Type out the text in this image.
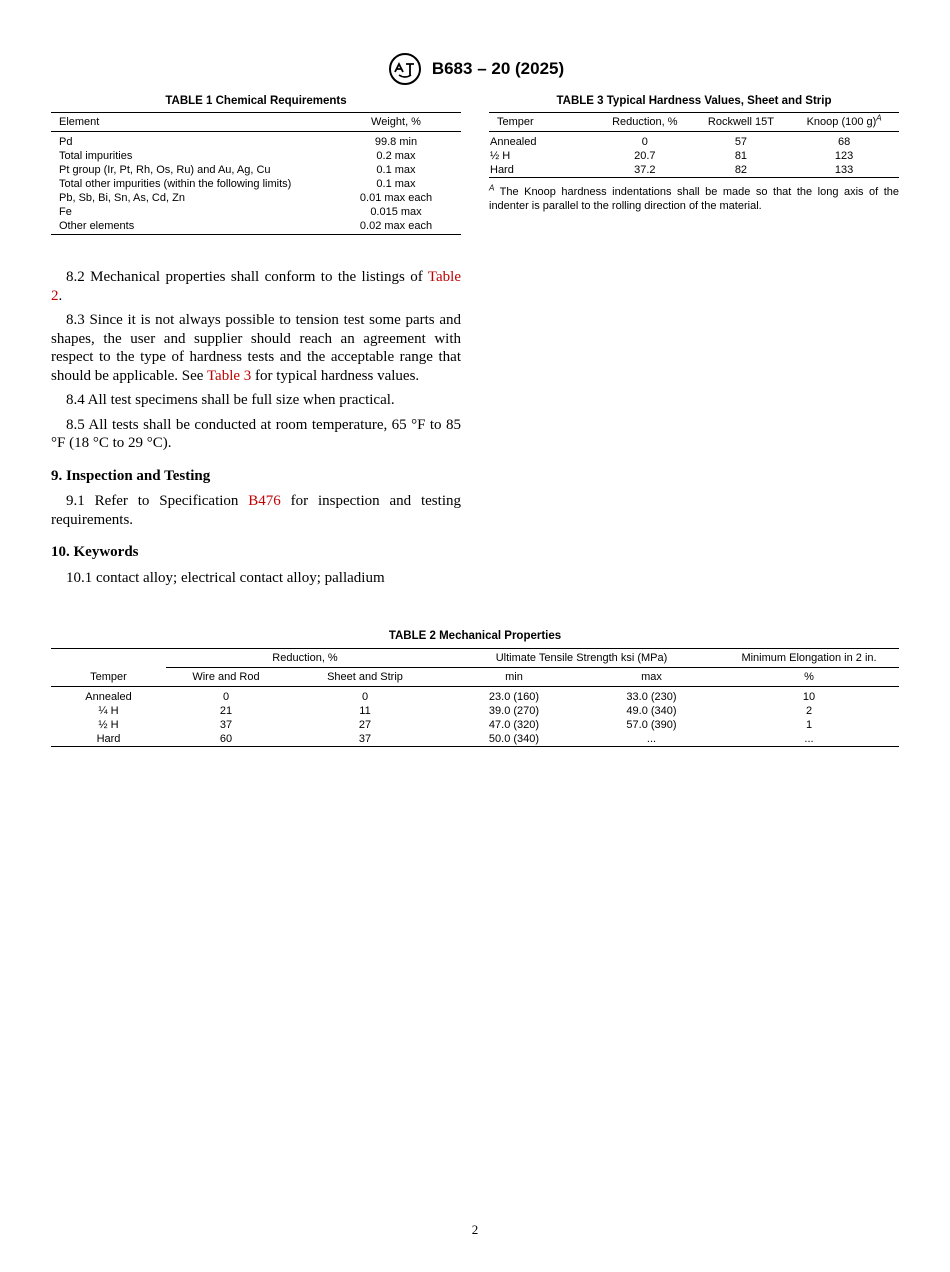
B683 – 20 (2025)
TABLE 1 Chemical Requirements
Element	Weight, %
Pd	99.8 min
Total impurities	0.2 max
Pt group (Ir, Pt, Rh, Os, Ru) and Au, Ag, Cu	0.1 max
Total other impurities (within the following limits)	0.1 max
Pb, Sb, Bi, Sn, As, Cd, Zn	0.01 max each
Fe	0.015 max
Other elements	0.02 max each
TABLE 3 Typical Hardness Values, Sheet and Strip
Temper	Reduction, %	Rockwell 15T	Knoop (100 g)$^A$
Annealed	0	57	68
½ H	20.7	81	123
Hard	37.2	82	133
$^A$ The Knoop hardness indentations shall be made so that the long axis of the indenter is parallel to the rolling direction of the material.

8.2 Mechanical properties shall conform to the listings of Table 2.

8.3 Since it is not always possible to tension test some parts and shapes, the user and supplier should reach an agreement with respect to the type of hardness tests and the acceptable range that should be applicable. See Table 3 for typical hardness values.

8.4 All test specimens shall be full size when practical.

8.5 All tests shall be conducted at room temperature, 65 °F to 85 °F (18 °C to 29 °C).

9. Inspection and Testing

9.1 Refer to Specification B476 for inspection and testing requirements.

10. Keywords

10.1 contact alloy; electrical contact alloy; palladium

TABLE 2 Mechanical Properties
	Reduction, %		Ultimate Tensile Strength ksi (MPa)		Minimum Elongation in 2 in.
Temper	Wire and Rod	Sheet and Strip	min	max	%
Annealed	0	0	23.0 (160)	33.0 (230)	10
¼ H	21	11	39.0 (270)	49.0 (340)	2
½ H	37	27	47.0 (320)	57.0 (390)	1
Hard	60	37	50.0 (340)	...	...
2
